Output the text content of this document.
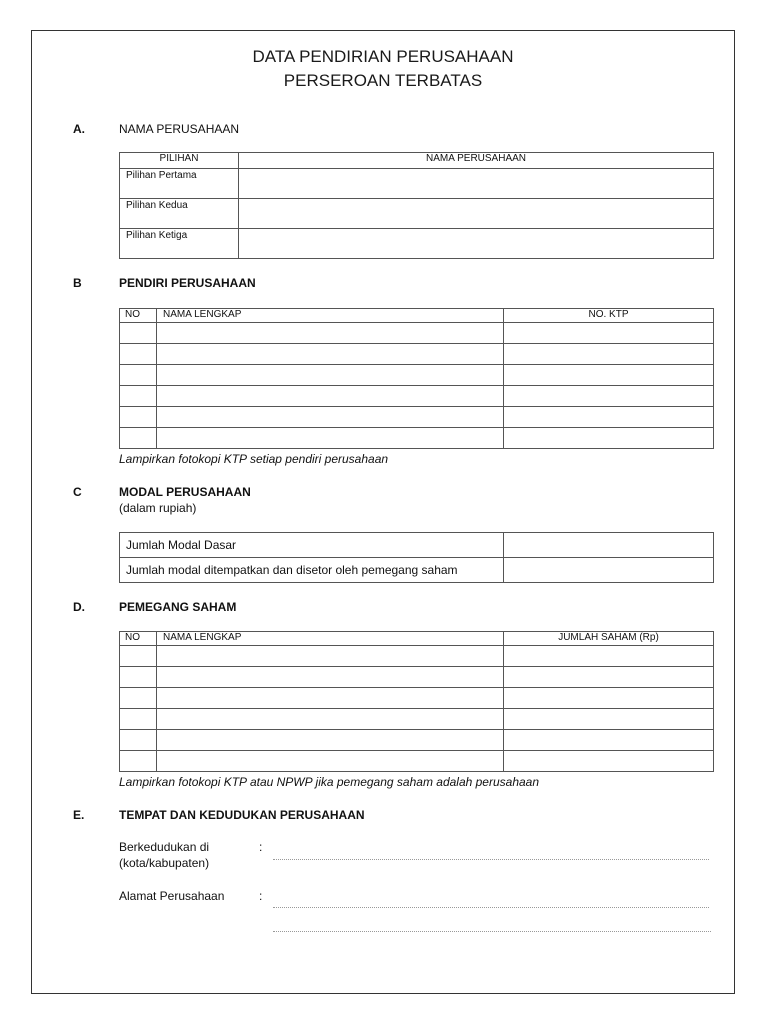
DATA PENDIRIAN PERUSAHAAN
PERSEROAN TERBATAS
A.	NAMA PERUSAHAAN
PILIHAN	NAMA PERUSAHAAN
Pilihan Pertama	
Pilihan Kedua	
Pilihan Ketiga	
B	PENDIRI PERUSAHAAN
NO	NAMA LENGKAP	NO. KTP

Lampirkan fotokopi KTP setiap pendiri perusahaan
C	MODAL PERUSAHAAN
(dalam rupiah)
Jumlah Modal Dasar	
Jumlah modal ditempatkan dan disetor oleh pemegang saham	
D.	PEMEGANG SAHAM
NO	NAMA LENGKAP	JUMLAH SAHAM (Rp)

Lampirkan fotokopi KTP atau NPWP jika pemegang saham adalah perusahaan
E.	TEMPAT DAN KEDUDUKAN PERUSAHAAN
Berkedudukan di
(kota/kabupaten)
:
Alamat Perusahaan	:
